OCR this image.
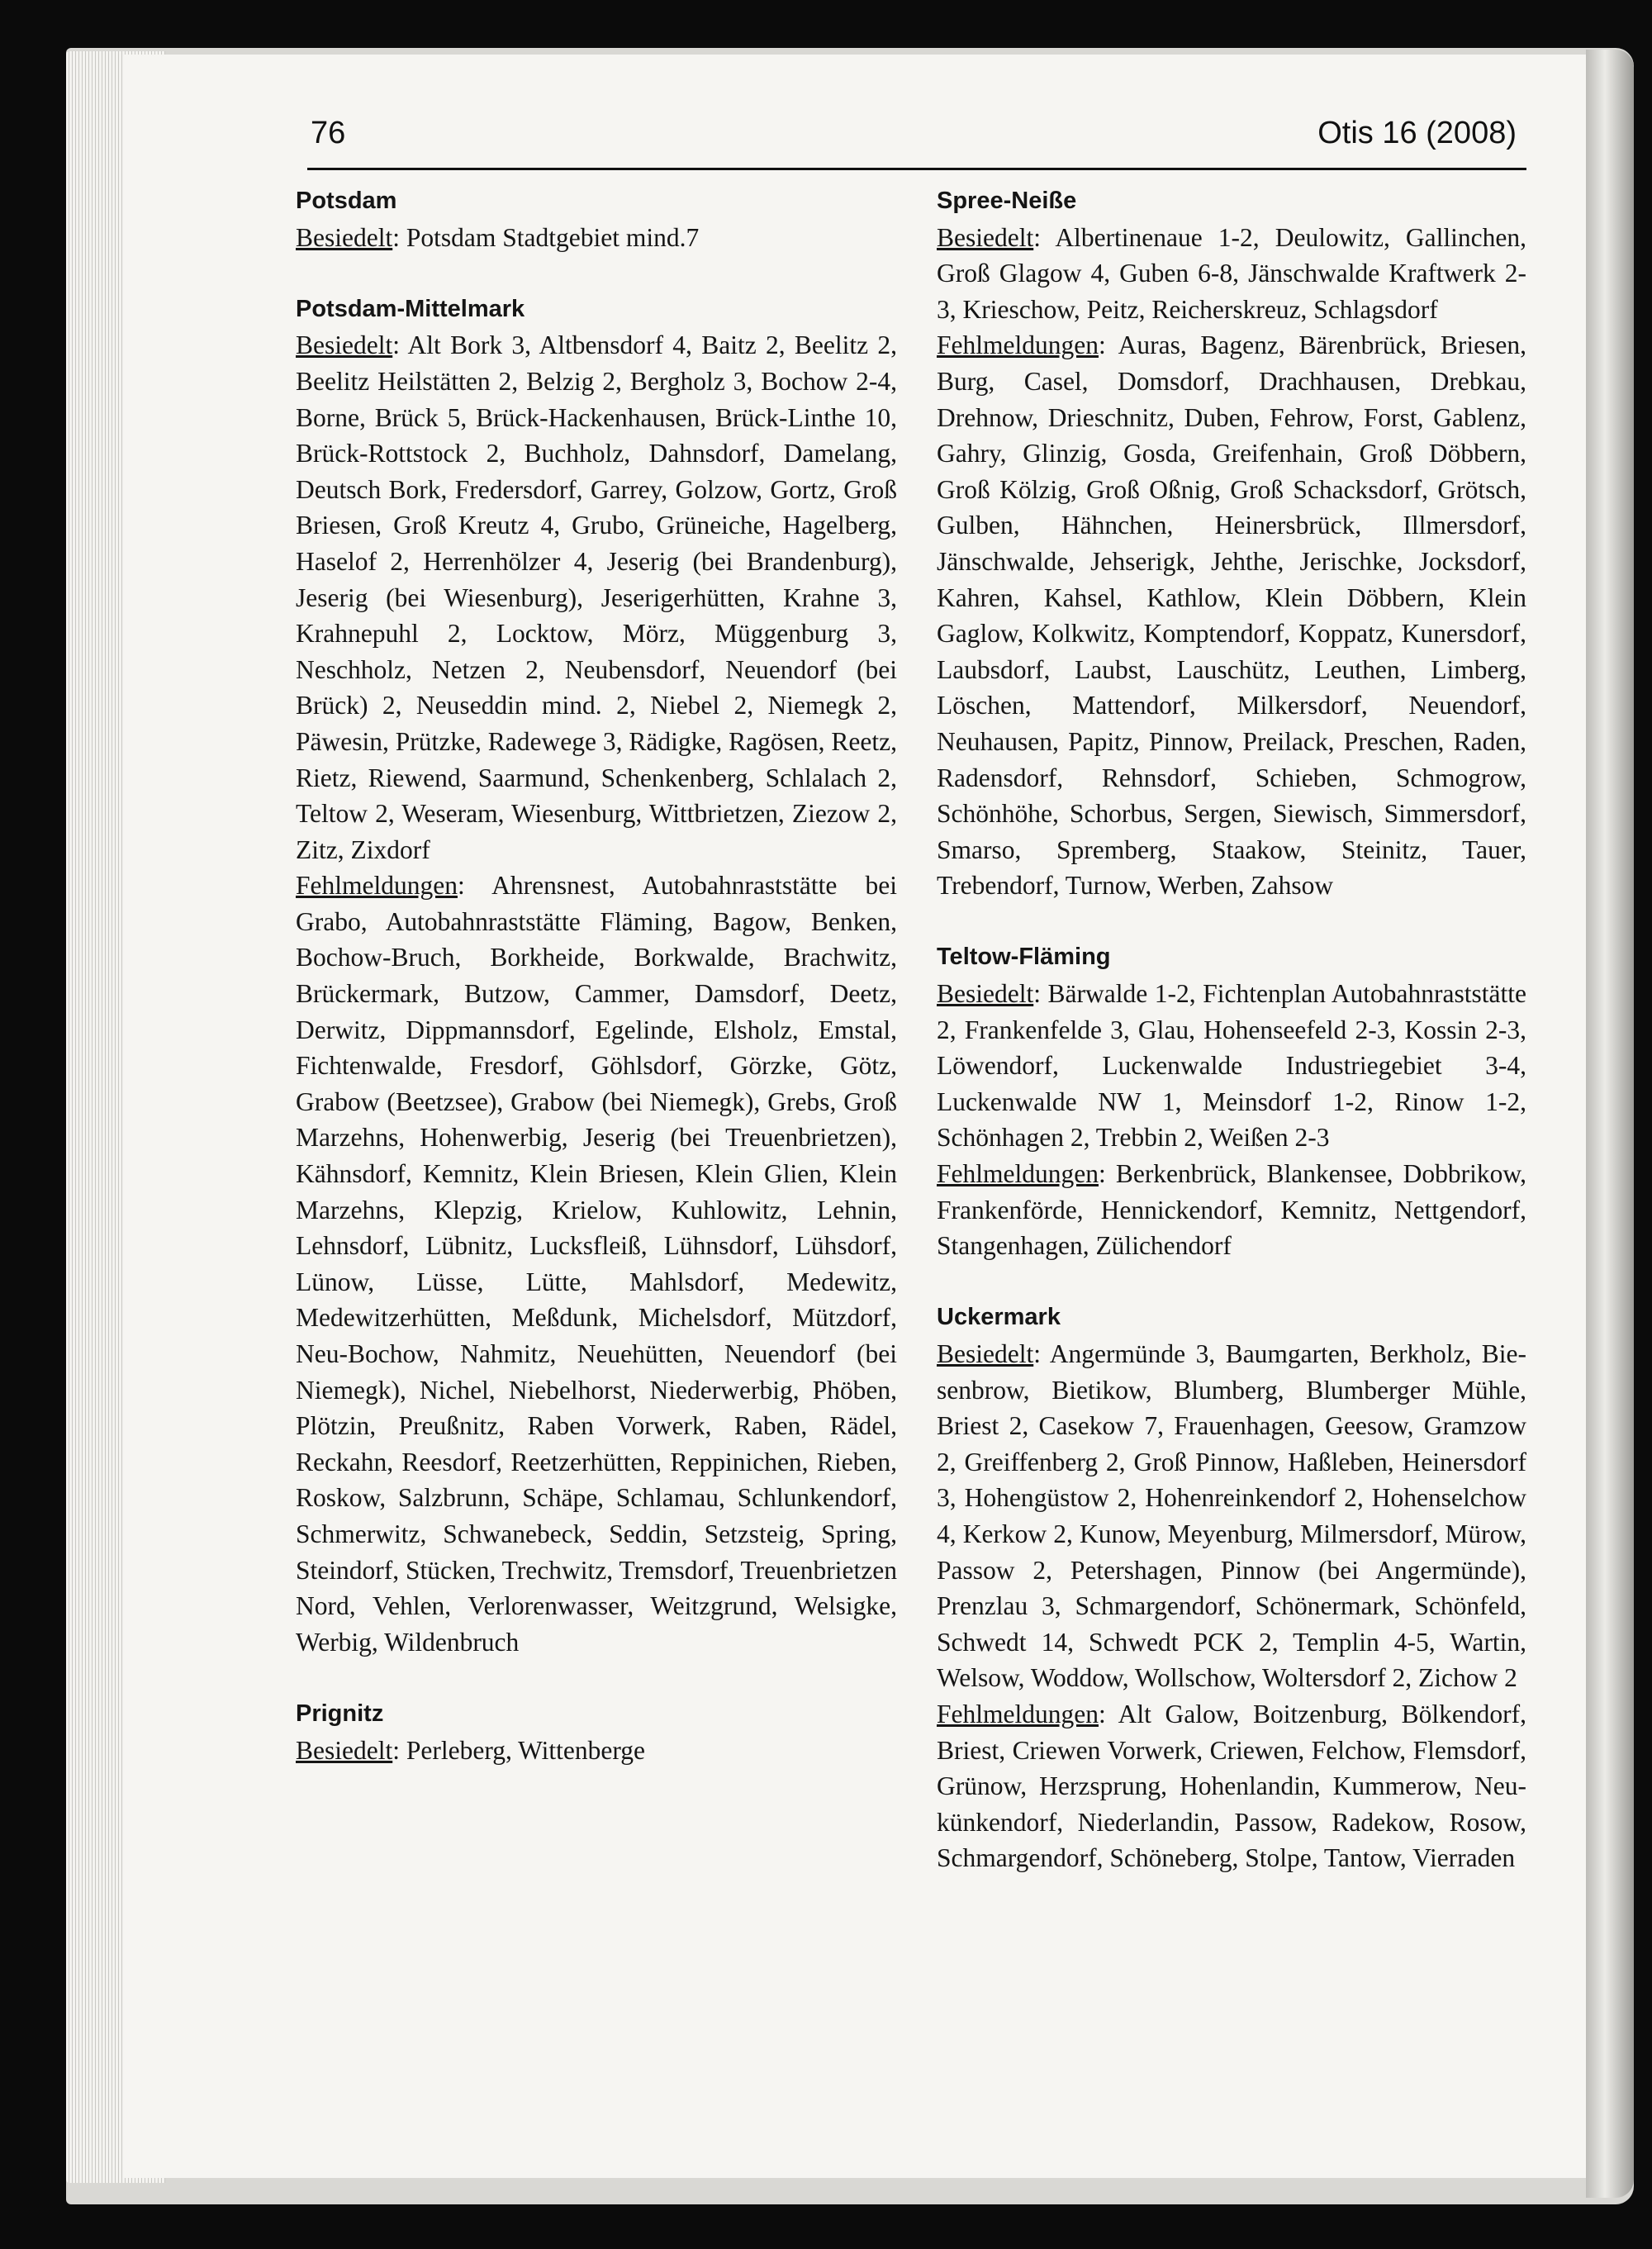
76	Otis 16 (2008)
Potsdam

Besiedelt: Potsdam Stadtgebiet mind.7

Potsdam-Mittelmark

Besiedelt: Alt Bork 3, Altbensdorf 4, Baitz 2, Beelitz 2, Beelitz Heilstätten 2, Belzig 2, Bergholz 3, Bochow 2-4, Borne, Brück 5, Brück-Hackenhausen, Brück-Linthe 10, Brück-Rottstock 2, Buchholz, Dahnsdorf, Damelang, Deutsch Bork, Fredersdorf, Garrey, Golzow, Gortz, Groß Briesen, Groß Kreutz 4, Grubo, Grüneiche, Hagelberg, Haselof 2, Herrenhölzer 4, Jeserig (bei Brandenburg), Jeserig (bei Wiesenburg), Jeserigerhütten, Krahne 3, Krahnepuhl 2, Locktow, Mörz, Müggenburg 3, Neschholz, Netzen 2, Neubensdorf, Neuendorf (bei Brück) 2, Neuseddin mind. 2, Niebel 2, Niemegk 2, Päwesin, Prützke, Radewege 3, Rädigke, Ragösen, Reetz, Rietz, Riewend, Saarmund, Schenkenberg, Schlalach 2, Teltow 2, Weseram, Wiesenburg, Wittbrietzen, Ziezow 2, Zitz, Zixdorf

Fehlmeldungen: Ahrensnest, Autobahnraststätte bei Grabo, Autobahnraststätte Fläming, Bagow, Benken, Bochow-Bruch, Borkheide, Borkwalde, Brachwitz, Brückermark, Butzow, Cammer, Damsdorf, Deetz, Derwitz, Dippmannsdorf, Egelinde, Elsholz, Emstal, Fichtenwalde, Fresdorf, Göhlsdorf, Görzke, Götz, Grabow (Beetzsee), Grabow (bei Niemegk), Grebs, Groß Marzehns, Hohenwerbig, Jeserig (bei Treuenbrietzen), Kähnsdorf, Kemnitz, Klein Briesen, Klein Glien, Klein Marzehns, Klepzig, Krielow, Kuhlowitz, Lehnin, Lehnsdorf, Lübnitz, Lucksfleiß, Lühnsdorf, Lühsdorf, Lünow, Lüsse, Lütte, Mahlsdorf, Medewitz, Medewitzerhütten, Meßdunk, Michelsdorf, Mützdorf, Neu-Bochow, Nahmitz, Neuehütten, Neuendorf (bei Niemegk), Nichel, Niebelhorst, Niederwerbig, Phöben, Plötzin, Preußnitz, Raben Vorwerk, Raben, Rädel, Reckahn, Reesdorf, Reetzerhütten, Reppinichen, Rieben, Roskow, Salzbrunn, Schäpe, Schlamau, Schlunkendorf, Schmerwitz, Schwanebeck, Seddin, Setzsteig, Spring, Steindorf, Stücken, Trechwitz, Tremsdorf, Treuenbrietzen Nord, Vehlen, Verlorenwasser, Weitzgrund, Welsigke, Werbig, Wildenbruch

Prignitz

Besiedelt: Perleberg, Wittenberge

Spree-Neiße

Besiedelt: Albertinenaue 1-2, Deulowitz, Gallinchen, Groß Glagow 4, Guben 6-8, Jänschwalde Kraftwerk 2-3, Krieschow, Peitz, Reicherskreuz, Schlagsdorf

Fehlmeldungen: Auras, Bagenz, Bärenbrück, Briesen, Burg, Casel, Domsdorf, Drachhausen, Drebkau, Drehnow, Drieschnitz, Duben, Fehrow, Forst, Gablenz, Gahry, Glinzig, Gosda, Greifenhain, Groß Döbbern, Groß Kölzig, Groß Oßnig, Groß Schacksdorf, Grötsch, Gulben, Hähnchen, Heinersbrück, Illmersdorf, Jänschwalde, Jehserigk, Jehthe, Jerischke, Jocksdorf, Kahren, Kahsel, Kathlow, Klein Döbbern, Klein Gaglow, Kolkwitz, Komptendorf, Koppatz, Kunersdorf, Laubsdorf, Laubst, Lauschütz, Leuthen, Limberg, Löschen, Mattendorf, Milkersdorf, Neuendorf, Neuhausen, Papitz, Pinnow, Preilack, Preschen, Raden, Radensdorf, Rehnsdorf, Schieben, Schmogrow, Schönhöhe, Schorbus, Sergen, Siewisch, Simmersdorf, Smarso, Spremberg, Staakow, Steinitz, Tauer, Trebendorf, Turnow, Werben, Zahsow

Teltow-Fläming

Besiedelt: Bärwalde 1-2, Fichtenplan Autobahnraststätte 2, Frankenfelde 3, Glau, Hohenseefeld 2-3, Kossin 2-3, Löwendorf, Luckenwalde Industriegebiet 3-4, Luckenwalde NW 1, Meinsdorf 1-2, Rinow 1-2, Schönhagen 2, Trebbin 2, Weißen 2-3

Fehlmeldungen: Berkenbrück, Blankensee, Dobbrikow, Frankenförde, Hennickendorf, Kemnitz, Nettgendorf, Stangenhagen, Zülichendorf

Uckermark

Besiedelt: Angermünde 3, Baumgarten, Berkholz, Biesenbrow, Bietikow, Blumberg, Blumberger Mühle, Briest 2, Casekow 7, Frauenhagen, Geesow, Gramzow 2, Greiffenberg 2, Groß Pinnow, Haßleben, Heinersdorf 3, Hohengüstow 2, Hohenreinkendorf 2, Hohenselchow 4, Kerkow 2, Kunow, Meyenburg, Milmersdorf, Mürow, Passow 2, Petershagen, Pinnow (bei Angermünde), Prenzlau 3, Schmargendorf, Schönermark, Schönfeld, Schwedt 14, Schwedt PCK 2, Templin 4-5, Wartin, Welsow, Woddow, Wollschow, Woltersdorf 2, Zichow 2

Fehlmeldungen: Alt Galow, Boitzenburg, Bölkendorf, Briest, Criewen Vorwerk, Criewen, Felchow, Flemsdorf, Grünow, Herzsprung, Hohenlandin, Kummerow, Neukünkendorf, Niederlandin, Passow, Radekow, Rosow, Schmargendorf, Schöneberg, Stolpe, Tantow, Vierraden
